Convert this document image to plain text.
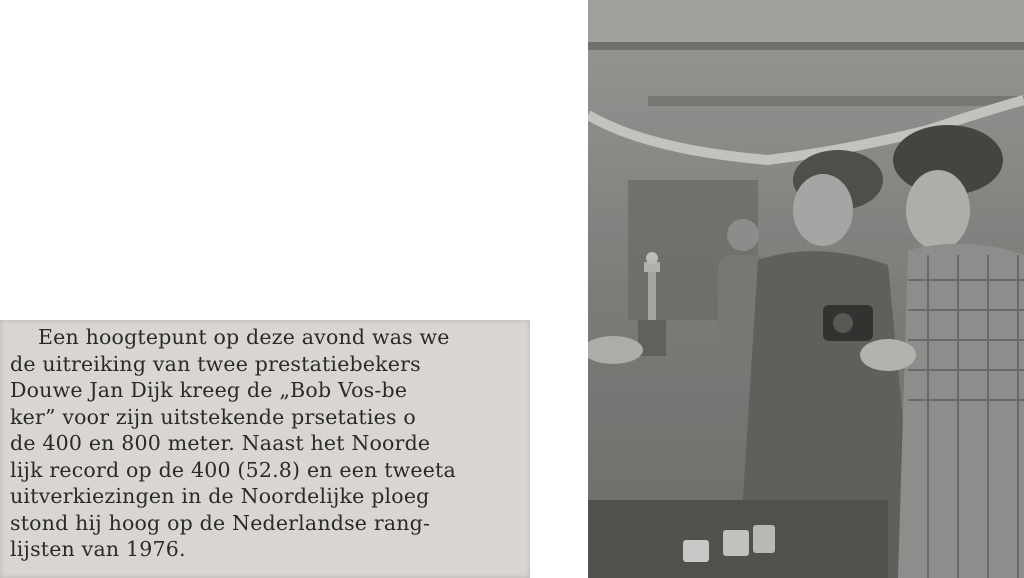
Een hoogtepunt op deze avond was we
de uitreiking van twee prestatiebekers
Douwe Jan Dijk kreeg de „Bob Vos-be
ker” voor zijn uitstekende prsetaties o
de 400 en 800 meter. Naast het Noorde
lijk record op de 400 (52.8) en een tweeta
uitverkiezingen in de Noordelijke ploeg
stond hij hoog op de Nederlandse rang-
lijsten van 1976.
